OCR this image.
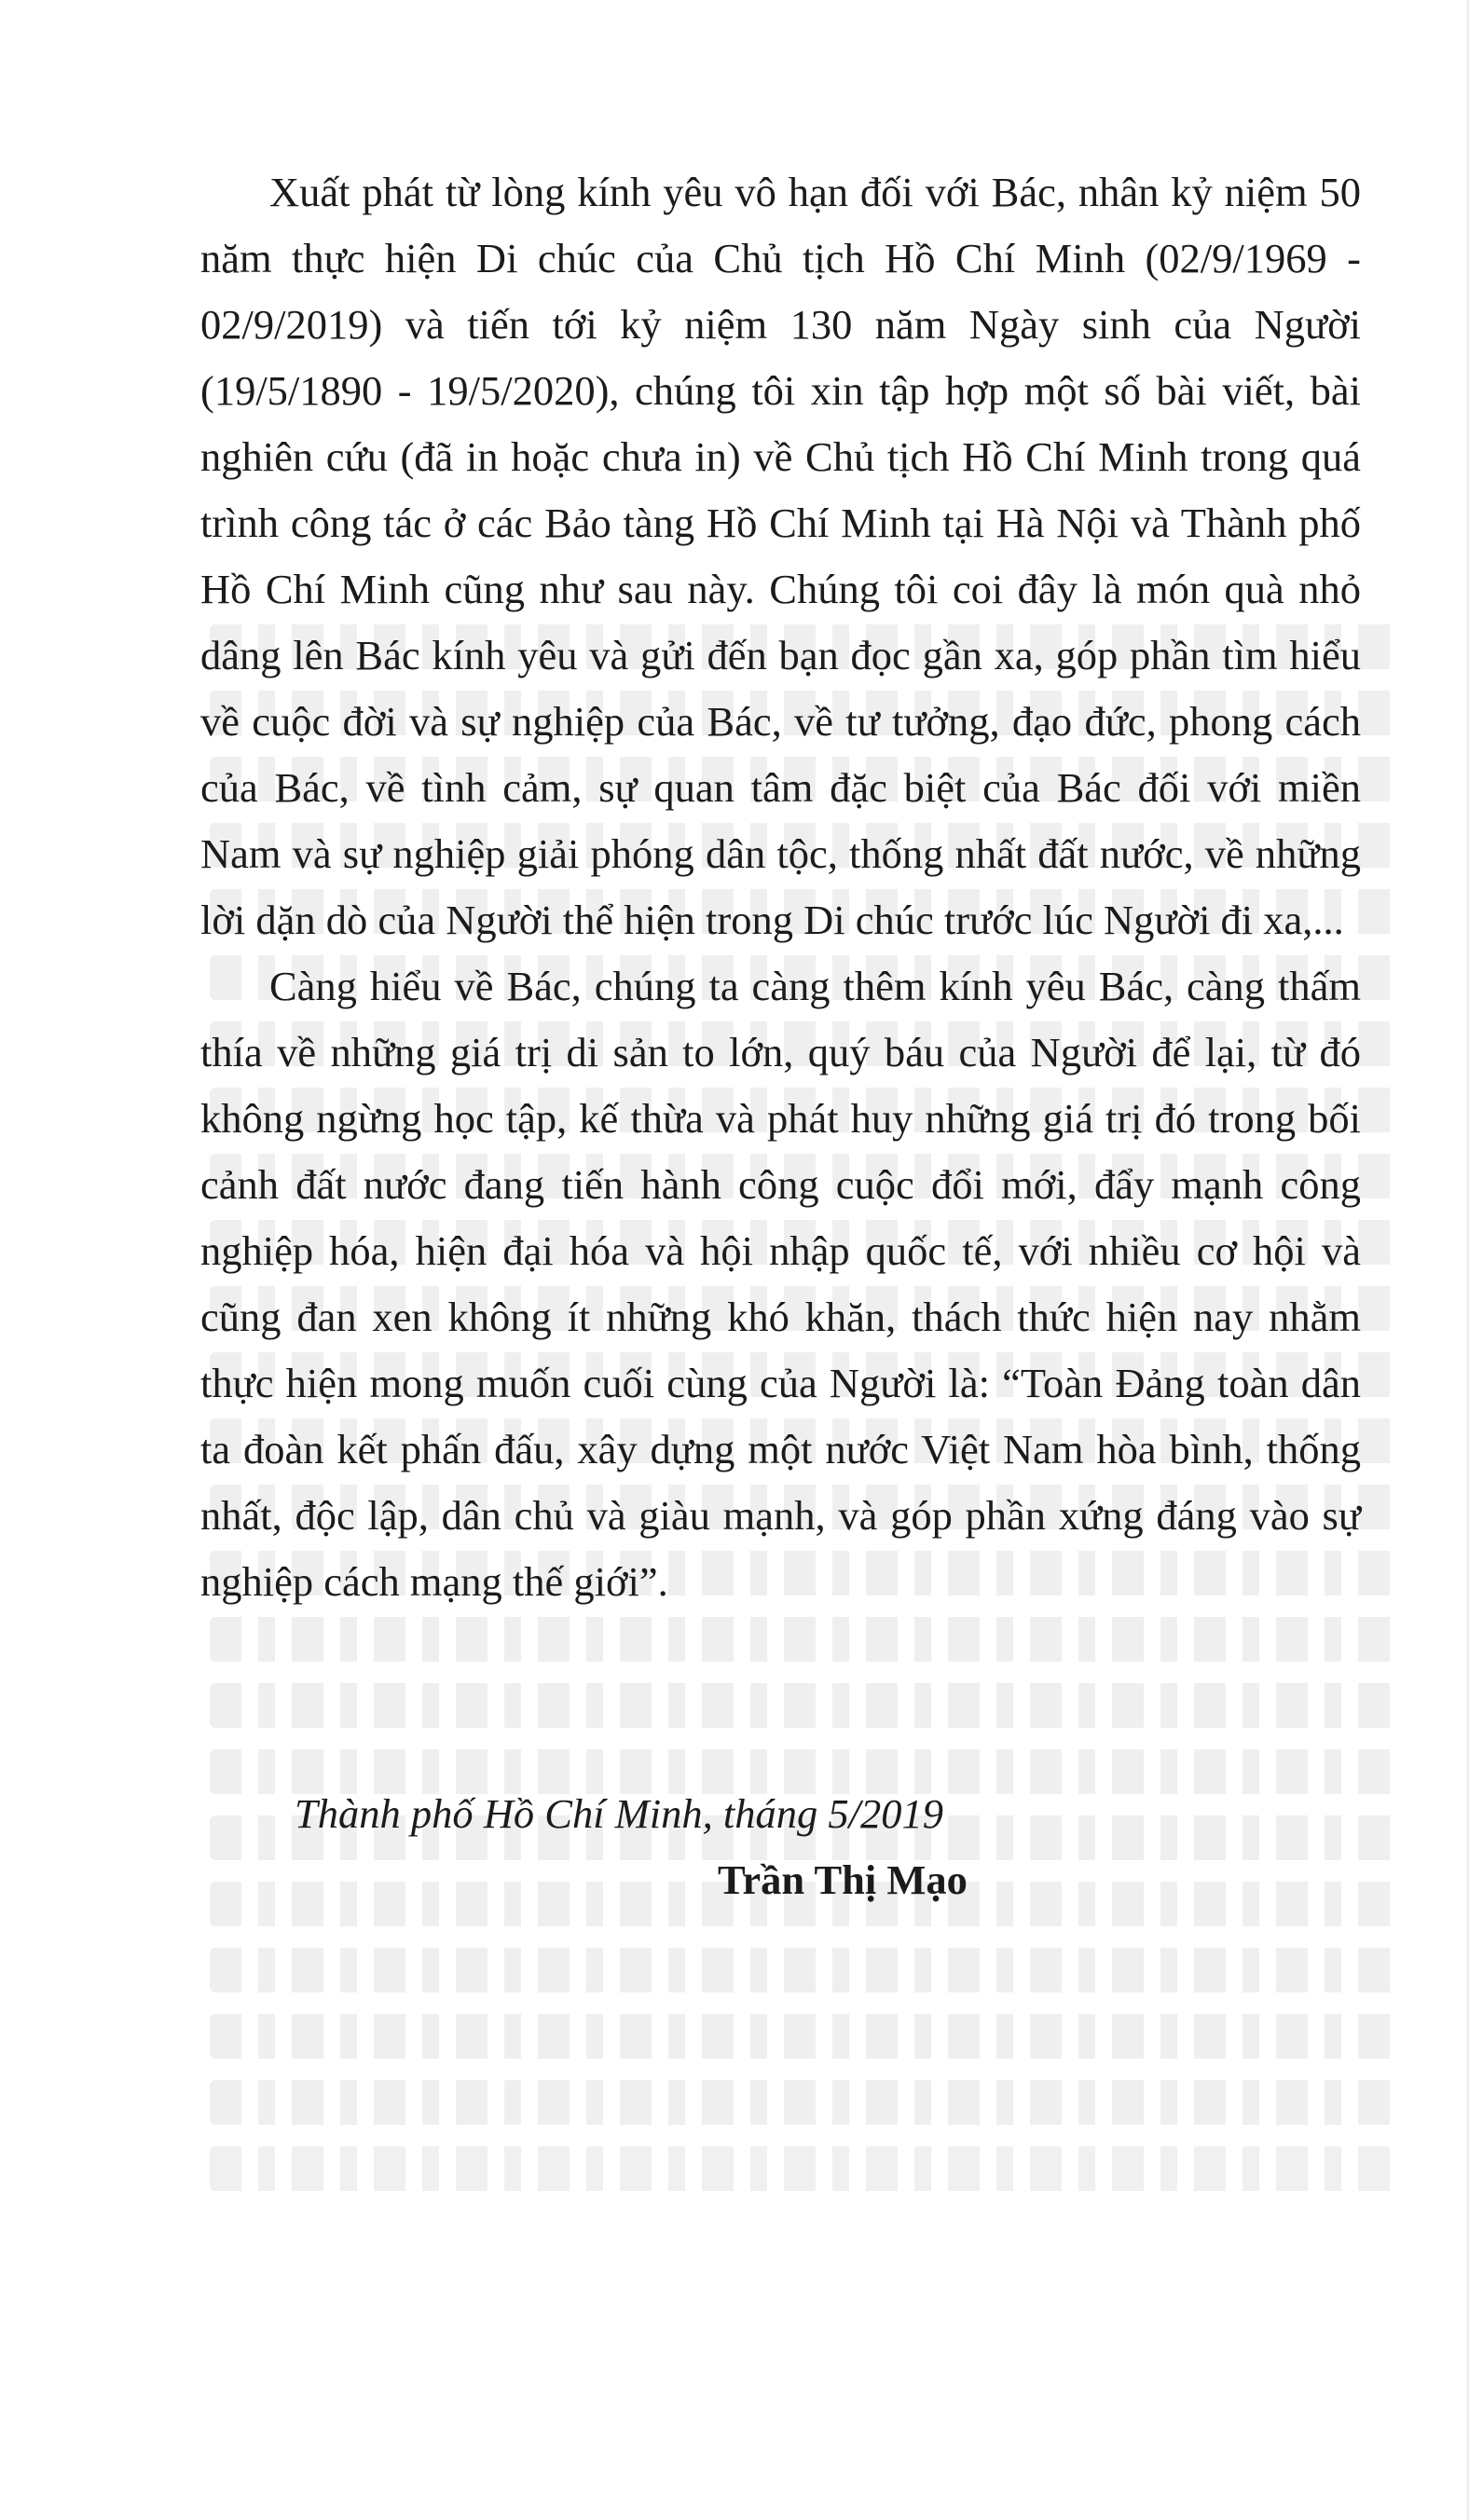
Xuất phát từ lòng kính yêu vô hạn đối với Bác, nhân kỷ niệm 50 năm thực hiện Di chúc của Chủ tịch Hồ Chí Minh (02/9/1969 - 02/9/2019) và tiến tới kỷ niệm 130 năm Ngày sinh của Người (19/5/1890 - 19/5/2020), chúng tôi xin tập hợp một số bài viết, bài nghiên cứu (đã in hoặc chưa in) về Chủ tịch Hồ Chí Minh trong quá trình công tác ở các Bảo tàng Hồ Chí Minh tại Hà Nội và Thành phố Hồ Chí Minh cũng như sau này. Chúng tôi coi đây là món quà nhỏ dâng lên Bác kính yêu và gửi đến bạn đọc gần xa, góp phần tìm hiểu về cuộc đời và sự nghiệp của Bác, về tư tưởng, đạo đức, phong cách của Bác, về tình cảm, sự quan tâm đặc biệt của Bác đối với miền Nam và sự nghiệp giải phóng dân tộc, thống nhất đất nước, về những lời dặn dò của Người thể hiện trong Di chúc trước lúc Người đi xa,...

Càng hiểu về Bác, chúng ta càng thêm kính yêu Bác, càng thấm thía về những giá trị di sản to lớn, quý báu của Người để lại, từ đó không ngừng học tập, kế thừa và phát huy những giá trị đó trong bối cảnh đất nước đang tiến hành công cuộc đổi mới, đẩy mạnh công nghiệp hóa, hiện đại hóa và hội nhập quốc tế, với nhiều cơ hội và cũng đan xen không ít những khó khăn, thách thức hiện nay nhằm thực hiện mong muốn cuối cùng của Người là: “Toàn Đảng toàn dân ta đoàn kết phấn đấu, xây dựng một nước Việt Nam hòa bình, thống nhất, độc lập, dân chủ và giàu mạnh, và góp phần xứng đáng vào sự nghiệp cách mạng thế giới”.

Thành phố Hồ Chí Minh, tháng 5/2019
Trần Thị Mạo
